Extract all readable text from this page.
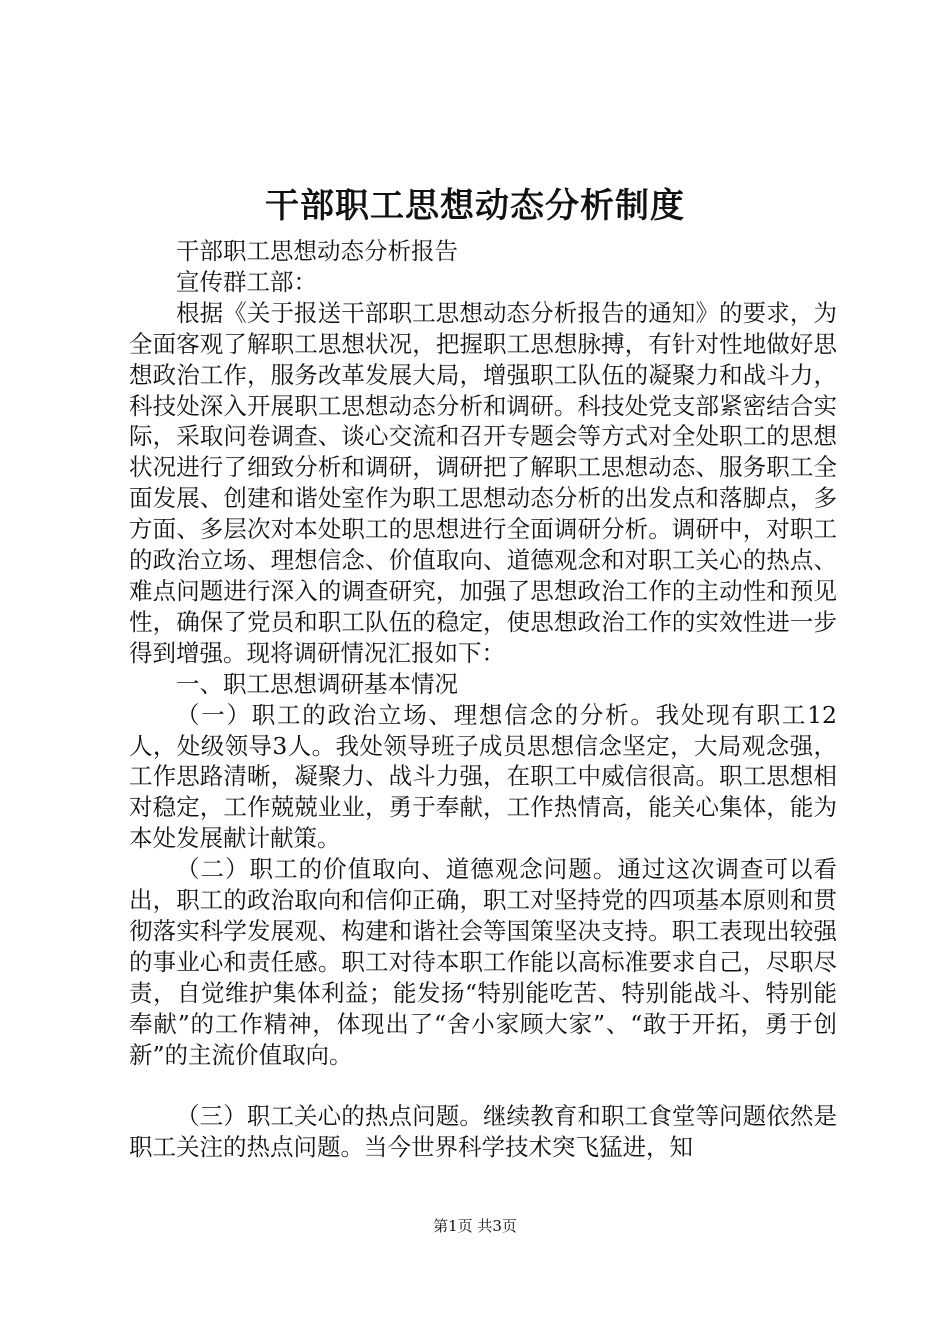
干部职工思想动态分析制度

干部职工思想动态分析报告

宣传群工部：

根据《关于报送干部职工思想动态分析报告的通知》的要求，为全面客观了解职工思想状况，把握职工思想脉搏，有针对性地做好思想政治工作，服务改革发展大局，增强职工队伍的凝聚力和战斗力，科技处深入开展职工思想动态分析和调研。科技处党支部紧密结合实际，采取问卷调查、谈心交流和召开专题会等方式对全处职工的思想状况进行了细致分析和调研，调研把了解职工思想动态、服务职工全面发展、创建和谐处室作为职工思想动态分析的出发点和落脚点，多方面、多层次对本处职工的思想进行全面调研分析。调研中，对职工的政治立场、理想信念、价值取向、道德观念和对职工关心的热点、难点问题进行深入的调查研究，加强了思想政治工作的主动性和预见性，确保了党员和职工队伍的稳定，使思想政治工作的实效性进一步得到增强。现将调研情况汇报如下：

一、职工思想调研基本情况

（一）职工的政治立场、理想信念的分析。我处现有职工12人，处级领导3人。我处领导班子成员思想信念坚定，大局观念强，工作思路清晰，凝聚力、战斗力强，在职工中威信很高。职工思想相对稳定，工作兢兢业业，勇于奉献，工作热情高，能关心集体，能为本处发展献计献策。

（二）职工的价值取向、道德观念问题。通过这次调查可以看出，职工的政治取向和信仰正确，职工对坚持党的四项基本原则和贯彻落实科学发展观、构建和谐社会等国策坚决支持。职工表现出较强的事业心和责任感。职工对待本职工作能以高标准要求自己，尽职尽责，自觉维护集体利益；能发扬“特别能吃苦、特别能战斗、特别能奉献”的工作精神，体现出了“舍小家顾大家”、“敢于开拓，勇于创新”的主流价值取向。

（三）职工关心的热点问题。继续教育和职工食堂等问题依然是职工关注的热点问题。当今世界科学技术突飞猛进，知

第1页 共3页
